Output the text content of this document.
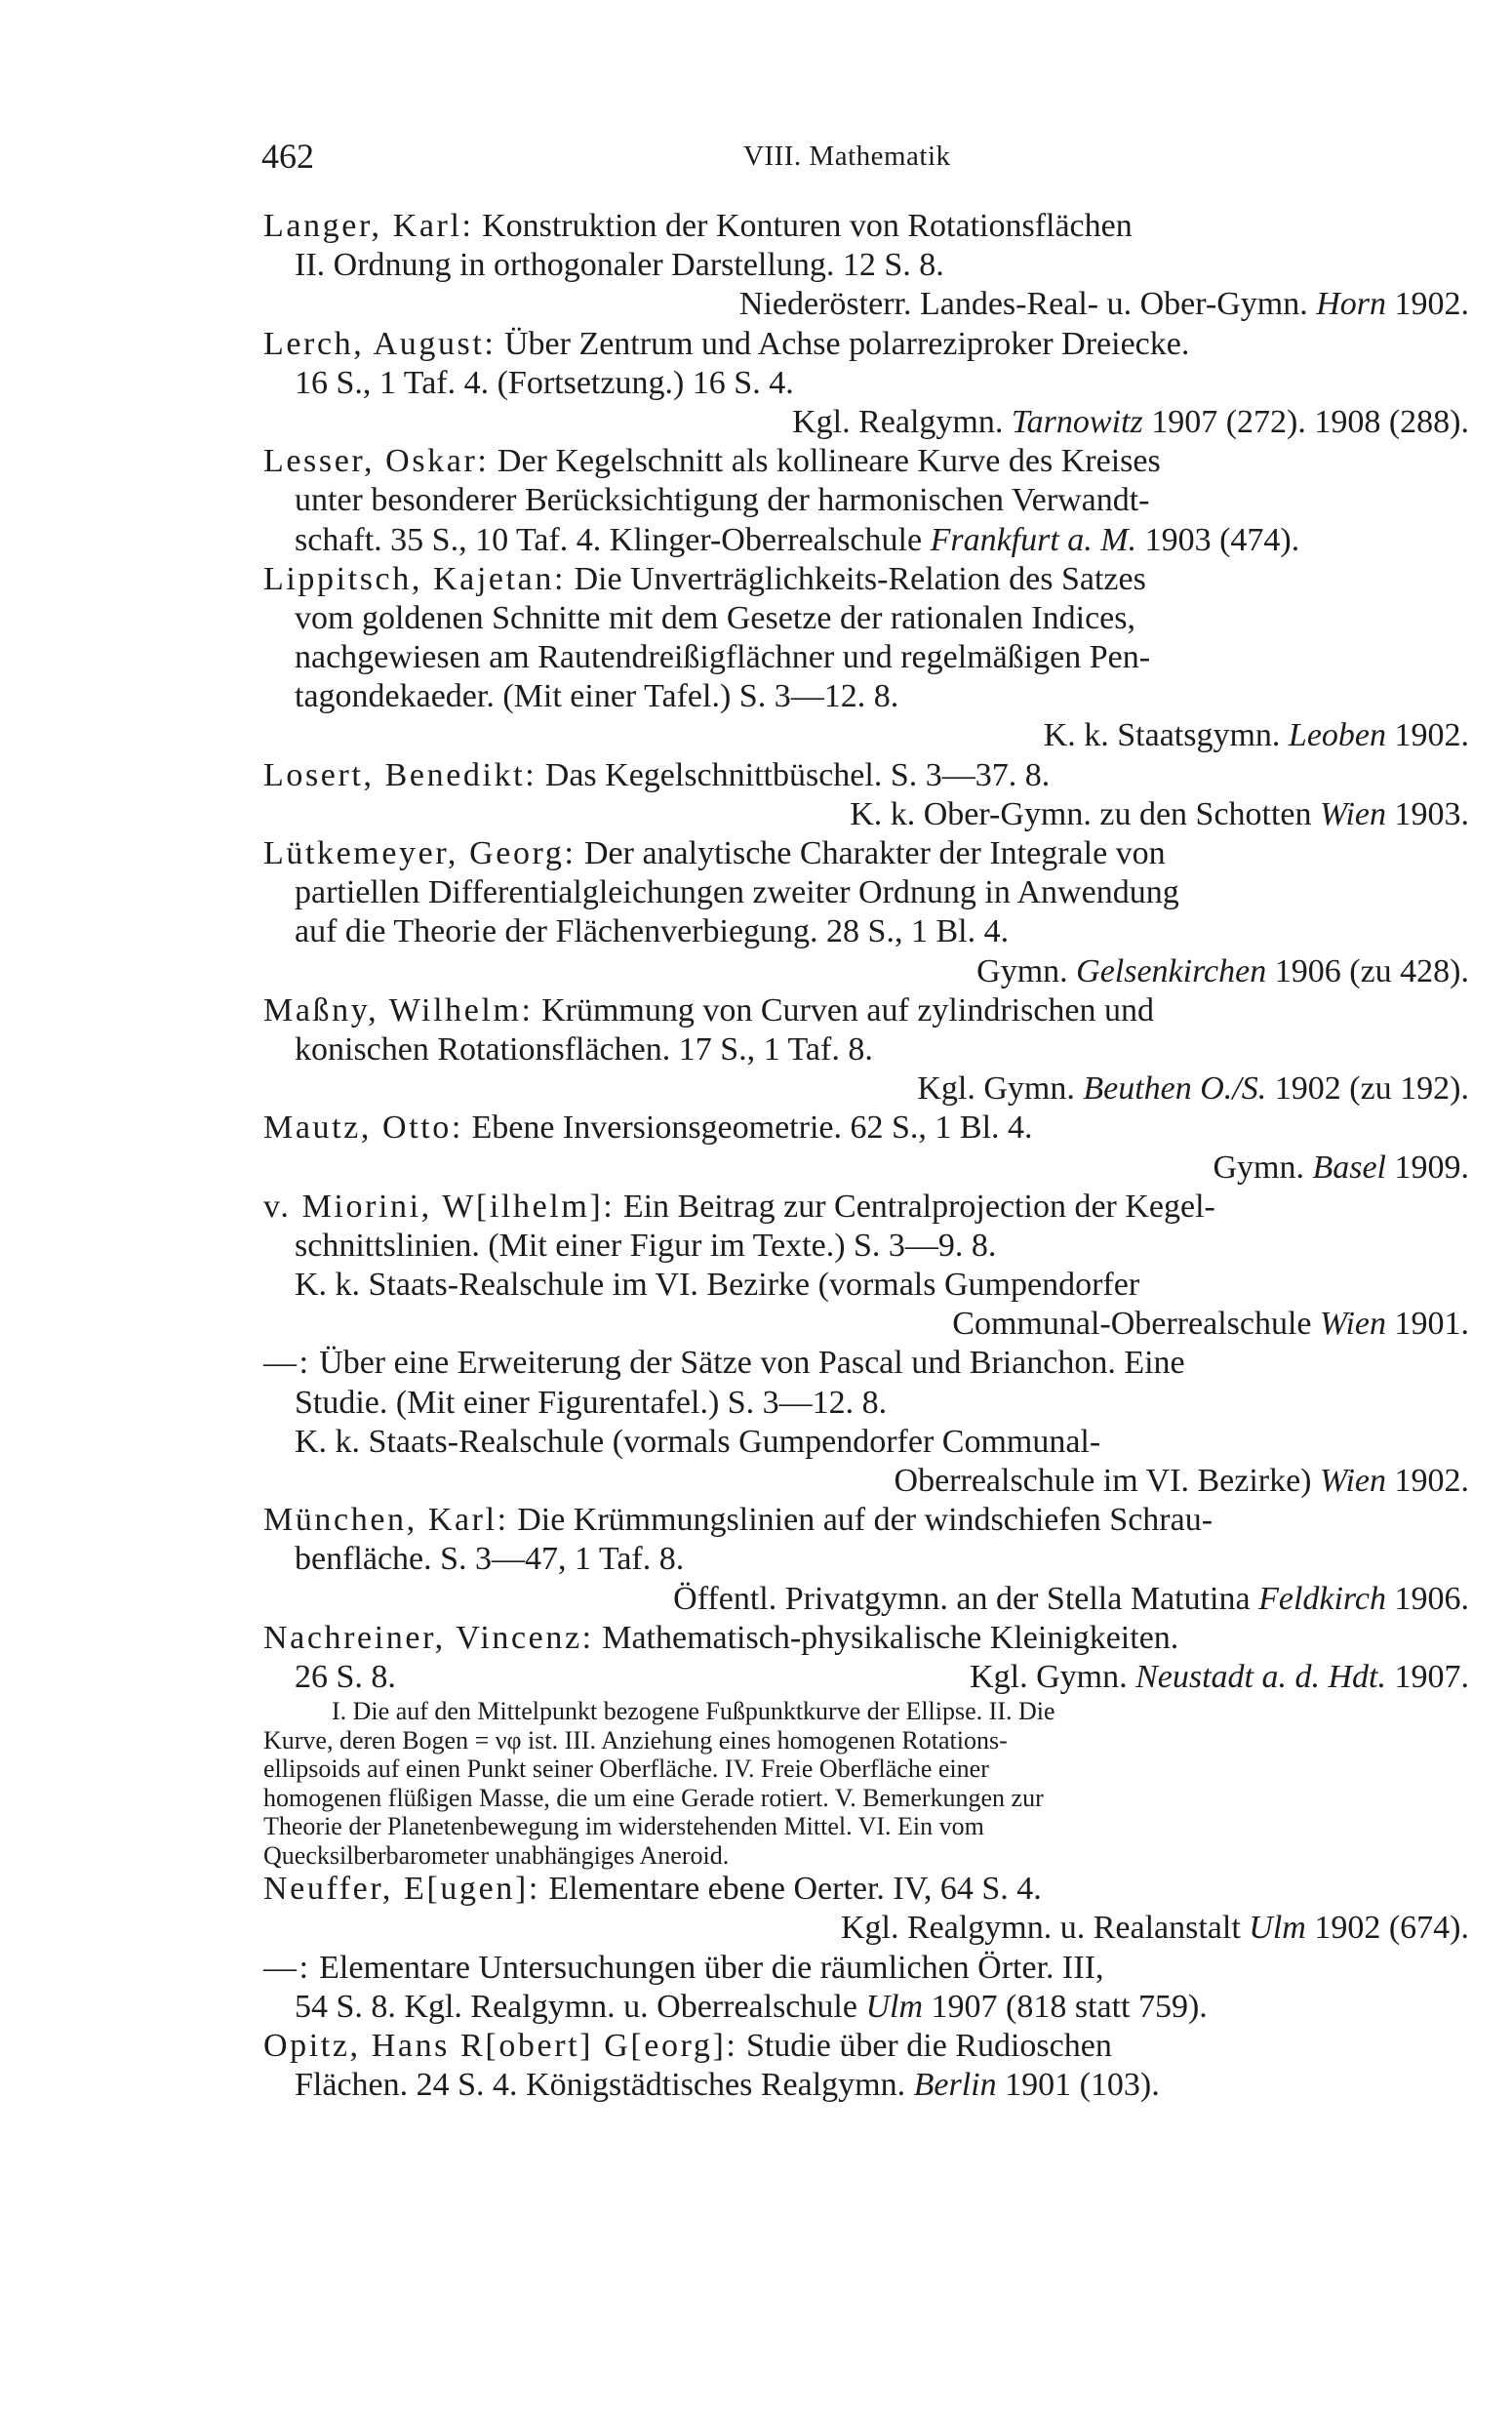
462	VIII. Mathematik
Langer, Karl: Konstruktion der Konturen von Rotationsflächen
II. Ordnung in orthogonaler Darstellung. 12 S. 8.
Niederösterr. Landes-Real- u. Ober-Gymn. Horn 1902.
Lerch, August: Über Zentrum und Achse polarreziproker Dreiecke.
16 S., 1 Taf. 4. (Fortsetzung.) 16 S. 4.
Kgl. Realgymn. Tarnowitz 1907 (272). 1908 (288).
Lesser, Oskar: Der Kegelschnitt als kollineare Kurve des Kreises
unter besonderer Berücksichtigung der harmonischen Verwandt-
schaft. 35 S., 10 Taf. 4. Klinger-Oberrealschule Frankfurt a. M. 1903 (474).
Lippitsch, Kajetan: Die Unverträglichkeits-Relation des Satzes
vom goldenen Schnitte mit dem Gesetze der rationalen Indices,
nachgewiesen am Rautendreißigflächner und regelmäßigen Pen-
tagondekaeder. (Mit einer Tafel.) S. 3—12. 8.
K. k. Staatsgymn. Leoben 1902.
Losert, Benedikt: Das Kegelschnittbüschel. S. 3—37. 8.
K. k. Ober-Gymn. zu den Schotten Wien 1903.
Lütkemeyer, Georg: Der analytische Charakter der Integrale von
partiellen Differentialgleichungen zweiter Ordnung in Anwendung
auf die Theorie der Flächenverbiegung. 28 S., 1 Bl. 4.
Gymn. Gelsenkirchen 1906 (zu 428).
Maßny, Wilhelm: Krümmung von Curven auf zylindrischen und
konischen Rotationsflächen. 17 S., 1 Taf. 8.
Kgl. Gymn. Beuthen O./S. 1902 (zu 192).
Mautz, Otto: Ebene Inversionsgeometrie. 62 S., 1 Bl. 4.
Gymn. Basel 1909.
v. Miorini, W[ilhelm]: Ein Beitrag zur Centralprojection der Kegel-
schnittslinien. (Mit einer Figur im Texte.) S. 3—9. 8.
K. k. Staats-Realschule im VI. Bezirke (vormals Gumpendorfer
Communal-Oberrealschule Wien 1901.
—: Über eine Erweiterung der Sätze von Pascal und Brianchon. Eine
Studie. (Mit einer Figurentafel.) S. 3—12. 8.
K. k. Staats-Realschule (vormals Gumpendorfer Communal-
Oberrealschule im VI. Bezirke) Wien 1902.
München, Karl: Die Krümmungslinien auf der windschiefen Schrau-
benfläche. S. 3—47, 1 Taf. 8.
Öffentl. Privatgymn. an der Stella Matutina Feldkirch 1906.
Nachreiner, Vincenz: Mathematisch-physikalische Kleinigkeiten.
26 S. 8.	Kgl. Gymn. Neustadt a. d. Hdt. 1907.
I. Die auf den Mittelpunkt bezogene Fußpunktkurve der Ellipse. II. Die
Kurve, deren Bogen = νφ ist. III. Anziehung eines homogenen Rotations-
ellipsoids auf einen Punkt seiner Oberfläche. IV. Freie Oberfläche einer
homogenen flüßigen Masse, die um eine Gerade rotiert. V. Bemerkungen zur
Theorie der Planetenbewegung im widerstehenden Mittel. VI. Ein vom
Quecksilberbarometer unabhängiges Aneroid.
Neuffer, E[ugen]: Elementare ebene Oerter. IV, 64 S. 4.
Kgl. Realgymn. u. Realanstalt Ulm 1902 (674).
—: Elementare Untersuchungen über die räumlichen Örter. III,
54 S. 8. Kgl. Realgymn. u. Oberrealschule Ulm 1907 (818 statt 759).
Opitz, Hans R[obert] G[eorg]: Studie über die Rudioschen
Flächen. 24 S. 4. Königstädtisches Realgymn. Berlin 1901 (103).
